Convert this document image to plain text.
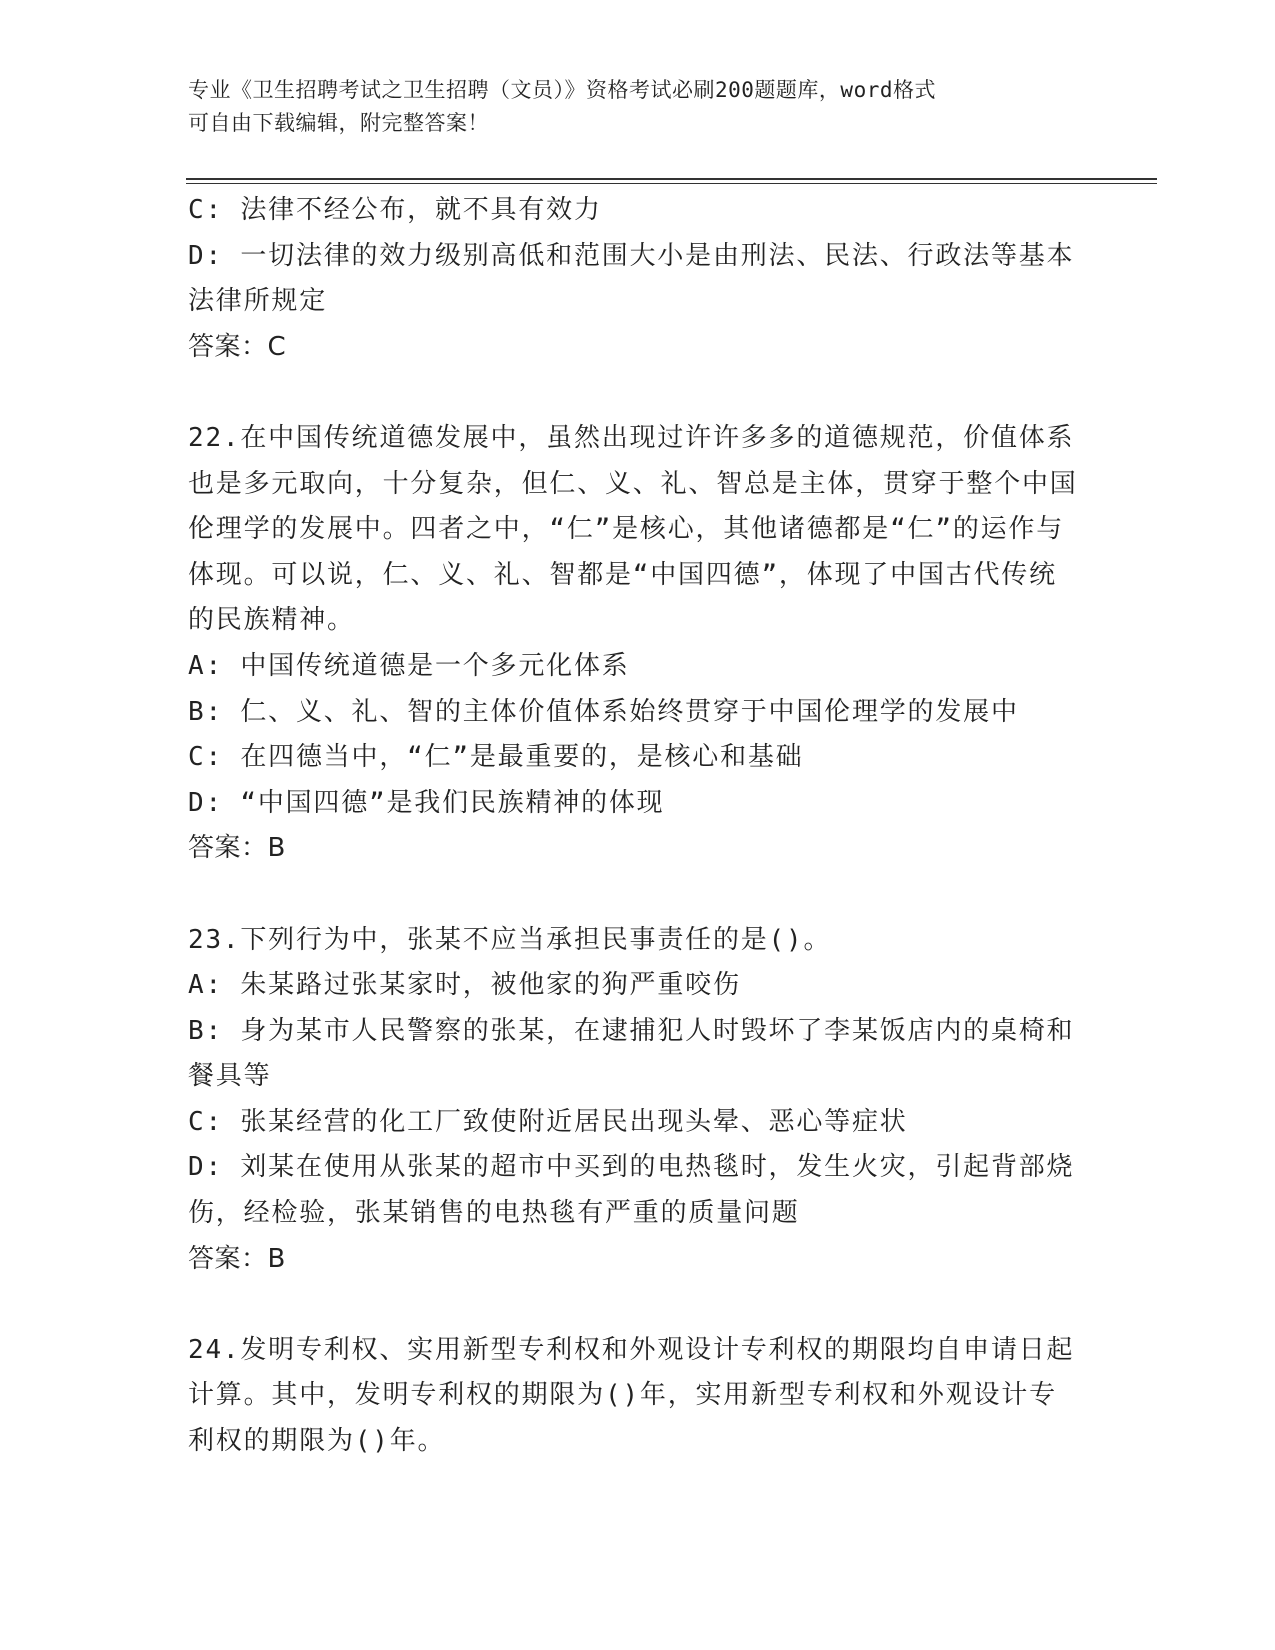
专业《卫生招聘考试之卫生招聘（文员）》资格考试必刷200题题库，word格式
可自由下载编辑，附完整答案！

C: 法律不经公布，就不具有效力

D: 一切法律的效力级别高低和范围大小是由刑法、民法、行政法等基本法律所规定

答案：C

22.在中国传统道德发展中，虽然出现过许许多多的道德规范，价值体系也是多元取向，十分复杂，但仁、义、礼、智总是主体，贯穿于整个中国伦理学的发展中。四者之中，“仁”是核心，其他诸德都是“仁”的运作与体现。可以说，仁、义、礼、智都是“中国四德”，体现了中国古代传统的民族精神。

A: 中国传统道德是一个多元化体系

B: 仁、义、礼、智的主体价值体系始终贯穿于中国伦理学的发展中

C: 在四德当中，“仁”是最重要的，是核心和基础

D: “中国四德”是我们民族精神的体现

答案：B

23.下列行为中，张某不应当承担民事责任的是()。

A: 朱某路过张某家时，被他家的狗严重咬伤

B: 身为某市人民警察的张某，在逮捕犯人时毁坏了李某饭店内的桌椅和餐具等

C: 张某经营的化工厂致使附近居民出现头晕、恶心等症状

D: 刘某在使用从张某的超市中买到的电热毯时，发生火灾，引起背部烧伤，经检验，张某销售的电热毯有严重的质量问题

答案：B

24.发明专利权、实用新型专利权和外观设计专利权的期限均自申请日起计算。其中，发明专利权的期限为()年，实用新型专利权和外观设计专利权的期限为()年。
